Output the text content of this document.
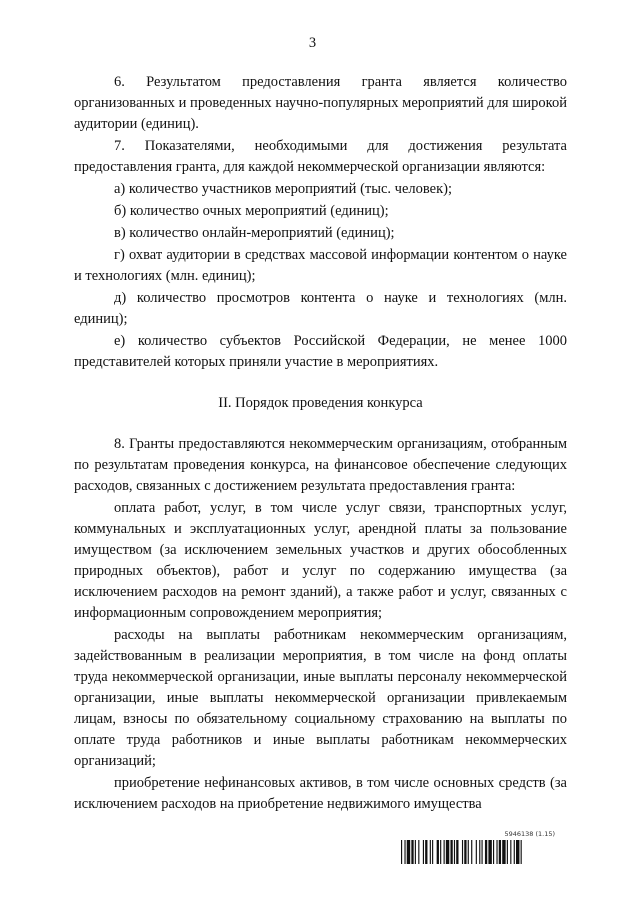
3

6. Результатом предоставления гранта является количество организованных и проведенных научно-популярных мероприятий для широкой аудитории (единиц).

7. Показателями, необходимыми для достижения результата предоставления гранта, для каждой некоммерческой организации являются:

а) количество участников мероприятий (тыс. человек);

б) количество очных мероприятий (единиц);

в) количество онлайн-мероприятий (единиц);

г) охват аудитории в средствах массовой информации контентом о науке и технологиях (млн. единиц);

д) количество просмотров контента о науке и технологиях (млн. единиц);

е) количество субъектов Российской Федерации, не менее 1000 представителей которых приняли участие в мероприятиях.

II. Порядок проведения конкурса

8. Гранты предоставляются некоммерческим организациям, отобранным по результатам проведения конкурса, на финансовое обеспечение следующих расходов, связанных с достижением результата предоставления гранта:

оплата работ, услуг, в том числе услуг связи, транспортных услуг, коммунальных и эксплуатационных услуг, арендной платы за пользование имуществом (за исключением земельных участков и других обособленных природных объектов), работ и услуг по содержанию имущества (за исключением расходов на ремонт зданий), а также работ и услуг, связанных с информационным сопровождением мероприятия;

расходы на выплаты работникам некоммерческим организациям, задействованным в реализации мероприятия, в том числе на фонд оплаты труда некоммерческой организации, иные выплаты персоналу некоммерческой организации, иные выплаты некоммерческой организации привлекаемым лицам, взносы по обязательному социальному страхованию на выплаты по оплате труда работников и иные выплаты работникам некоммерческих организаций;

приобретение нефинансовых активов, в том числе основных средств (за исключением расходов на приобретение недвижимого имущества

5946138 (1.15)
